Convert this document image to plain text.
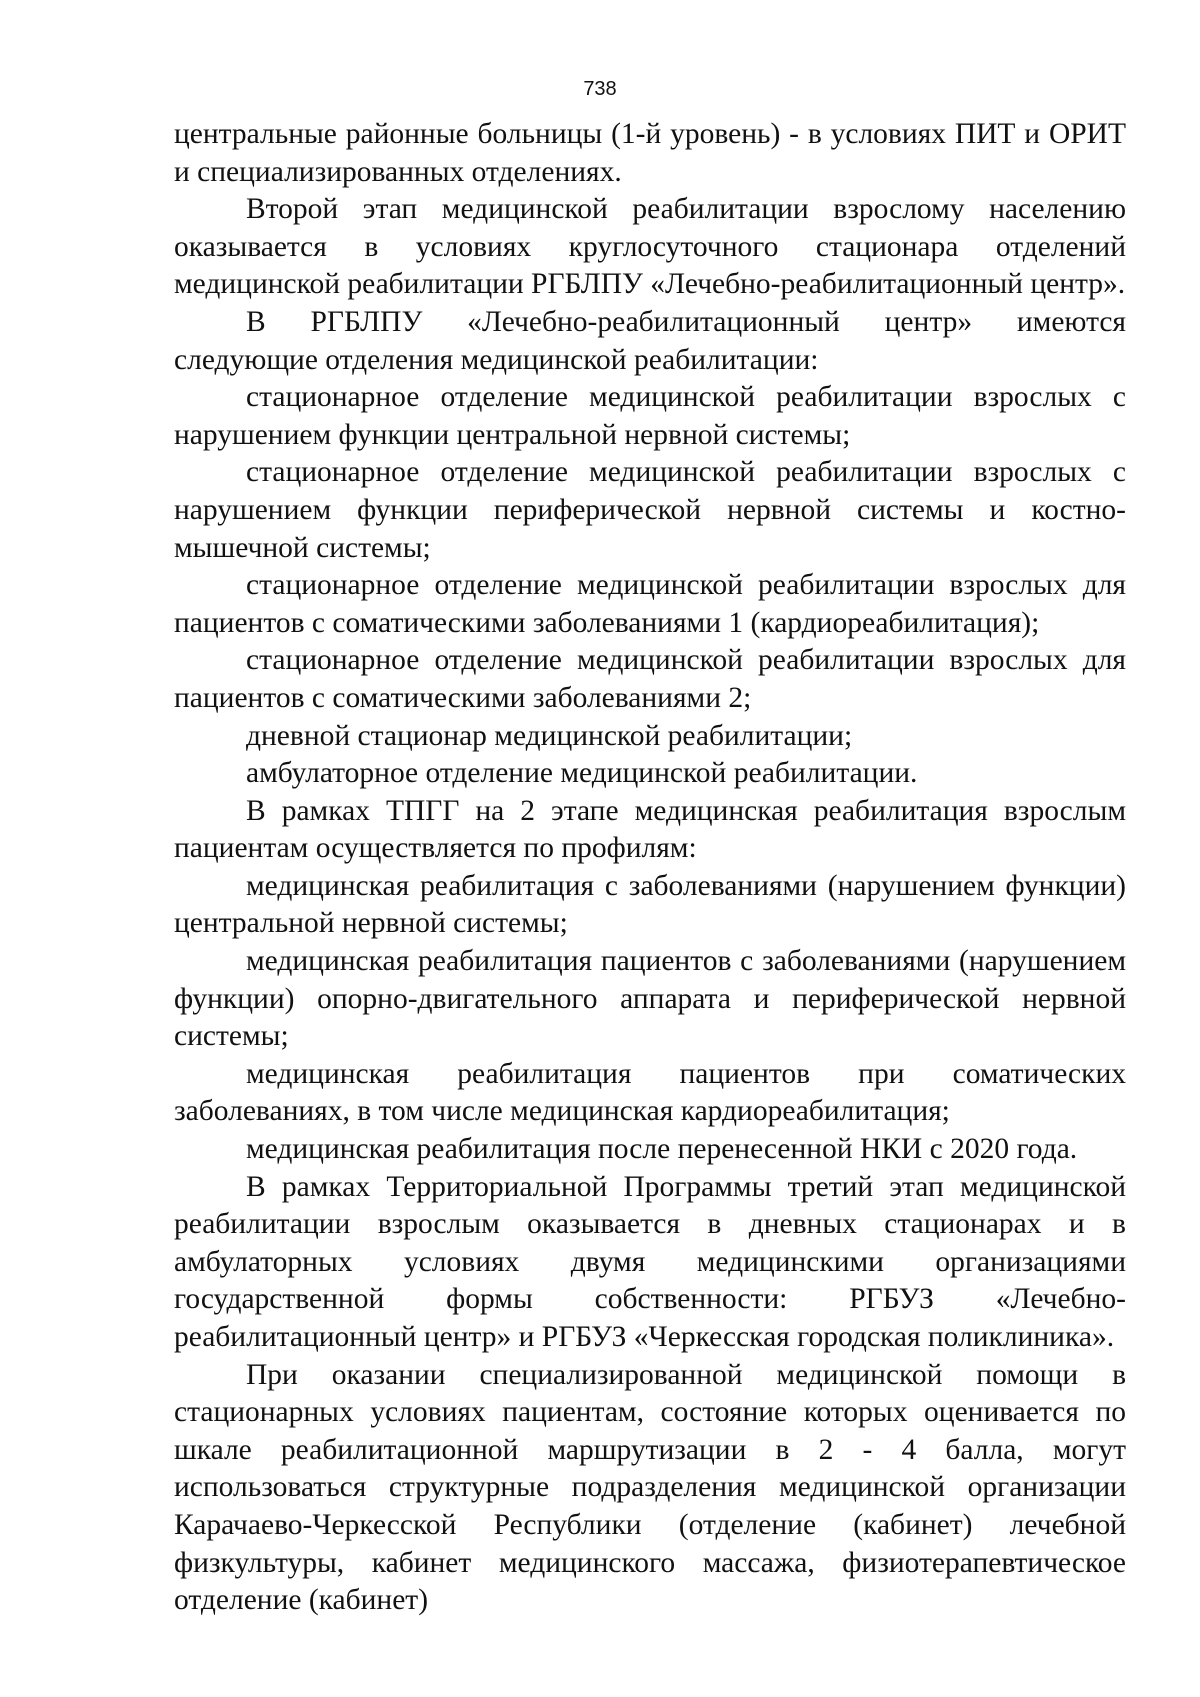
738

центральные районные больницы (1-й уровень) - в условиях ПИТ и ОРИТ и специализированных отделениях.

Второй этап медицинской реабилитации взрослому населению оказывается в условиях круглосуточного стационара отделений медицинской реабилитации РГБЛПУ «Лечебно-реабилитационный центр».

В РГБЛПУ «Лечебно-реабилитационный центр» имеются следующие отделения медицинской реабилитации:

стационарное отделение медицинской реабилитации взрослых с нарушением функции центральной нервной системы;

стационарное отделение медицинской реабилитации взрослых с нарушением функции периферической нервной системы и костно-мышечной системы;

стационарное отделение медицинской реабилитации взрослых для пациентов с соматическими заболеваниями 1 (кардиореабилитация);

стационарное отделение медицинской реабилитации взрослых для пациентов с соматическими заболеваниями 2;

дневной стационар медицинской реабилитации;

амбулаторное отделение медицинской реабилитации.

В рамках ТПГГ на 2 этапе медицинская реабилитация взрослым пациентам осуществляется по профилям:

медицинская реабилитация с заболеваниями (нарушением функции) центральной нервной системы;

медицинская реабилитация пациентов с заболеваниями (нарушением функции) опорно-двигательного аппарата и периферической нервной системы;

медицинская реабилитация пациентов при соматических заболеваниях, в том числе медицинская кардиореабилитация;

медицинская реабилитация после перенесенной НКИ с 2020 года.

В рамках Территориальной Программы третий этап медицинской реабилитации взрослым оказывается в дневных стационарах и в амбулаторных условиях двумя медицинскими организациями государственной формы собственности: РГБУЗ «Лечебно-реабилитационный центр» и РГБУЗ «Черкесская городская поликлиника».

При оказании специализированной медицинской помощи в стационарных условиях пациентам, состояние которых оценивается по шкале реабилитационной маршрутизации в 2 - 4 балла, могут использоваться структурные подразделения медицинской организации Карачаево-Черкесской Республики (отделение (кабинет) лечебной физкультуры, кабинет медицинского массажа, физиотерапевтическое отделение (кабинет)
